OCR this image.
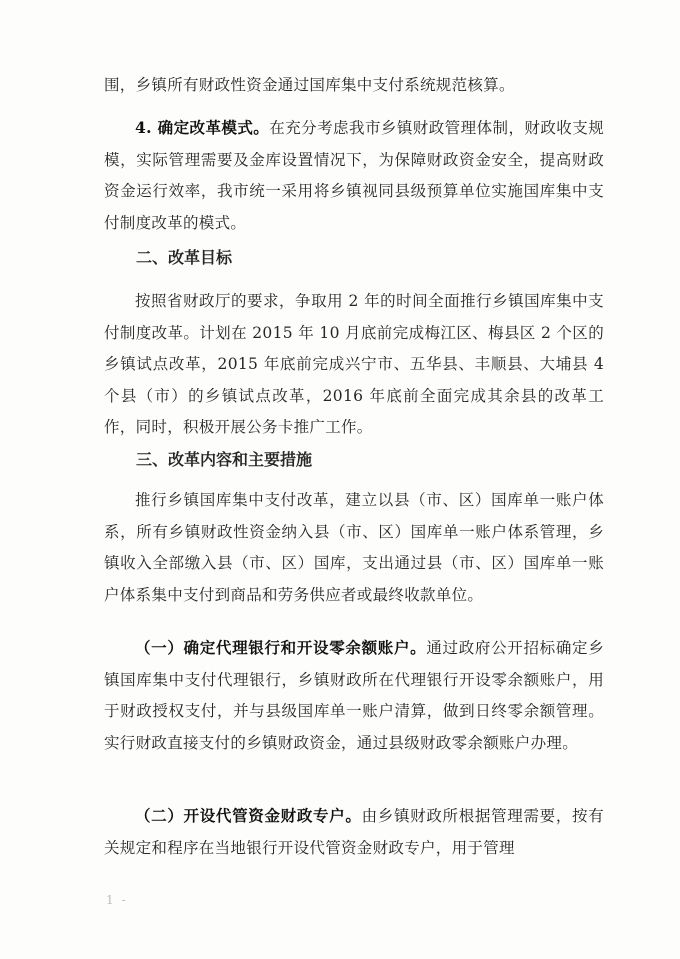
围，乡镇所有财政性资金通过国库集中支付系统规范核算。

4. 确定改革模式。在充分考虑我市乡镇财政管理体制，财政收支规模，实际管理需要及金库设置情况下，为保障财政资金安全，提高财政资金运行效率，我市统一采用将乡镇视同县级预算单位实施国库集中支付制度改革的模式。

二、改革目标

按照省财政厅的要求，争取用 2 年的时间全面推行乡镇国库集中支付制度改革。计划在 2015 年 10 月底前完成梅江区、梅县区 2 个区的乡镇试点改革，2015 年底前完成兴宁市、五华县、丰顺县、大埔县 4 个县（市）的乡镇试点改革，2016 年底前全面完成其余县的改革工作，同时，积极开展公务卡推广工作。

三、改革内容和主要措施

推行乡镇国库集中支付改革，建立以县（市、区）国库单一账户体系，所有乡镇财政性资金纳入县（市、区）国库单一账户体系管理，乡镇收入全部缴入县（市、区）国库，支出通过县（市、区）国库单一账户体系集中支付到商品和劳务供应者或最终收款单位。

（一）确定代理银行和开设零余额账户。通过政府公开招标确定乡镇国库集中支付代理银行，乡镇财政所在代理银行开设零余额账户，用于财政授权支付，并与县级国库单一账户清算，做到日终零余额管理。实行财政直接支付的乡镇财政资金，通过县级财政零余额账户办理。

（二）开设代管资金财政专户。由乡镇财政所根据管理需要，按有关规定和程序在当地银行开设代管资金财政专户，用于管理

1 -
